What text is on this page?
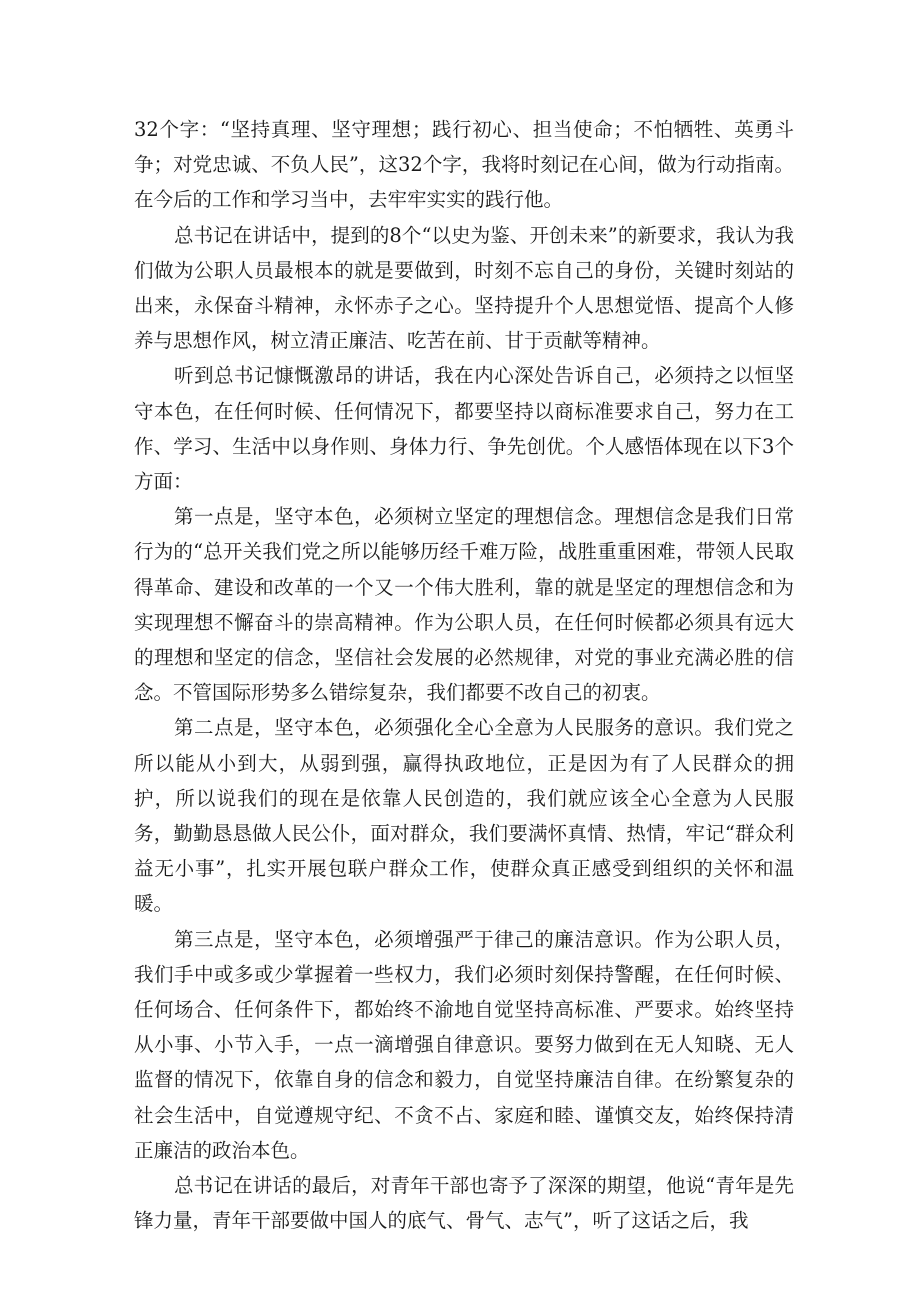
32个字：“坚持真理、坚守理想；践行初心、担当使命；不怕牺牲、英勇斗争；对党忠诚、不负人民”，这32个字，我将时刻记在心间，做为行动指南。在今后的工作和学习当中，去牢牢实实的践行他。

总书记在讲话中，提到的8个“以史为鉴、开创未来”的新要求，我认为我们做为公职人员最根本的就是要做到，时刻不忘自己的身份，关键时刻站的出来，永保奋斗精神，永怀赤子之心。坚持提升个人思想觉悟、提高个人修养与思想作风，树立清正廉洁、吃苦在前、甘于贡献等精神。

听到总书记慷慨激昂的讲话，我在内心深处告诉自己，必须持之以恒坚守本色，在任何时候、任何情况下，都要坚持以商标准要求自己，努力在工作、学习、生活中以身作则、身体力行、争先创优。个人感悟体现在以下3个方面：

第一点是，坚守本色，必须树立坚定的理想信念。理想信念是我们日常行为的“总开关我们党之所以能够历经千难万险，战胜重重困难，带领人民取得革命、建设和改革的一个又一个伟大胜利，靠的就是坚定的理想信念和为实现理想不懈奋斗的崇高精神。作为公职人员，在任何时候都必须具有远大的理想和坚定的信念，坚信社会发展的必然规律，对党的事业充满必胜的信念。不管国际形势多么错综复杂，我们都要不改自己的初衷。

第二点是，坚守本色，必须强化全心全意为人民服务的意识。我们党之所以能从小到大，从弱到强，赢得执政地位，正是因为有了人民群众的拥护，所以说我们的现在是依靠人民创造的，我们就应该全心全意为人民服务，勤勤恳恳做人民公仆，面对群众，我们要满怀真情、热情，牢记“群众利益无小事”，扎实开展包联户群众工作，使群众真正感受到组织的关怀和温暖。

第三点是，坚守本色，必须增强严于律己的廉洁意识。作为公职人员，我们手中或多或少掌握着一些权力，我们必须时刻保持警醒，在任何时候、任何场合、任何条件下，都始终不渝地自觉坚持高标准、严要求。始终坚持从小事、小节入手，一点一滴增强自律意识。要努力做到在无人知晓、无人监督的情况下，依靠自身的信念和毅力，自觉坚持廉洁自律。在纷繁复杂的社会生活中，自觉遵规守纪、不贪不占、家庭和睦、谨慎交友，始终保持清正廉洁的政治本色。

总书记在讲话的最后，对青年干部也寄予了深深的期望，他说“青年是先锋力量，青年干部要做中国人的底气、骨气、志气”，听了这话之后，我
